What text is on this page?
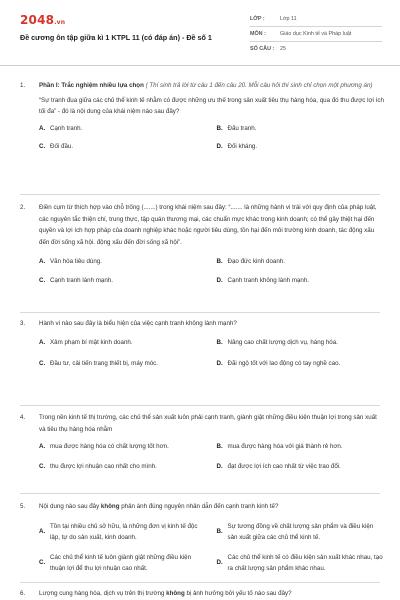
2048.vn
Đề cương ôn tập giữa kì 1 KTPL 11 (có đáp án) - Đề số 1
LỚP :	Lớp 11
MÔN :	Giáo dục Kinh tế và Pháp luật
SỐ CÂU :	25
1.	Phần I: Trắc nghiệm nhiều lựa chọn ( Thí sinh trả lời từ câu 1 đến câu 20. Mỗi câu hỏi thí sinh chỉ chọn một phương án)
“Sự tranh đua giữa các chủ thể kinh tế nhằm có được những ưu thế trong sản xuất tiêu thụ hàng hóa, qua đó thu được lợi ích tối đa” - đó là nội dung của khái niệm nào sau đây?
A. Cạnh tranh.	B. Đấu tranh.
C. Đối đầu.	D. Đối kháng.
2.	Điền cụm từ thích hợp vào chỗ trống (.......) trong khái niệm sau đây: “....... là những hành vi trái với quy định của pháp luật, các nguyên tắc thiện chí, trung thực, tập quán thương mại, các chuẩn mực khác trong kinh doanh; có thể gây thiệt hại đến quyền và lợi ích hợp pháp của doanh nghiệp khác hoặc người tiêu dùng, tồn hại đến môi trường kinh doanh, tác động xấu đến đời sống xã hội. động xấu đến đời sống xã hội”.
A. Văn hóa tiêu dùng.	B. Đạo đức kinh doanh.
C. Cạnh tranh lành mạnh.	D. Cạnh tranh không lành mạnh.
3.	Hành vi nào sau đây là biểu hiện của việc cạnh tranh không lành mạnh?
A. Xâm phạm bí mật kinh doanh.	B. Nâng cao chất lượng dịch vụ, hàng hóa.
C. Đầu tư, cải tiến trang thiết bị, máy móc.	D. Đãi ngộ tốt với lao động có tay nghề cao.
4.	Trong nền kinh tế thị trường, các chủ thể sản xuất luôn phải cạnh tranh, giành giật những điều kiện thuận lợi trong sản xuất và tiêu thụ hàng hóa nhằm
A. mua được hàng hóa có chất lượng tốt hơn.	B. mua được hàng hóa với giá thành rẻ hơn.
C. thu được lợi nhuận cao nhất cho mình.	D. đạt được lợi ích cao nhất từ việc trao đổi.
5.	Nội dung nào sau đây không phản ánh đúng nguyên nhân dẫn đến cạnh tranh kinh tế?
A.
Tồn tại nhiều chủ sở hữu, là những đơn vị kinh tế độc lập, tự do sản xuất, kinh doanh.
B.
Sự tương đồng về chất lượng sản phẩm và điều kiện sản xuất giữa các chủ thể kinh tế.
C.
Các chủ thể kinh tế luôn giành giật những điều kiện thuận lợi để thu lợi nhuận cao nhất.
D.
Các chủ thể kinh tế có điều kiện sản xuất khác nhau, tạo ra chất lượng sản phẩm khác nhau.
6.	Lượng cung hàng hóa, dịch vụ trên thị trường không bị ảnh hưởng bởi yếu tố nào sau đây?
